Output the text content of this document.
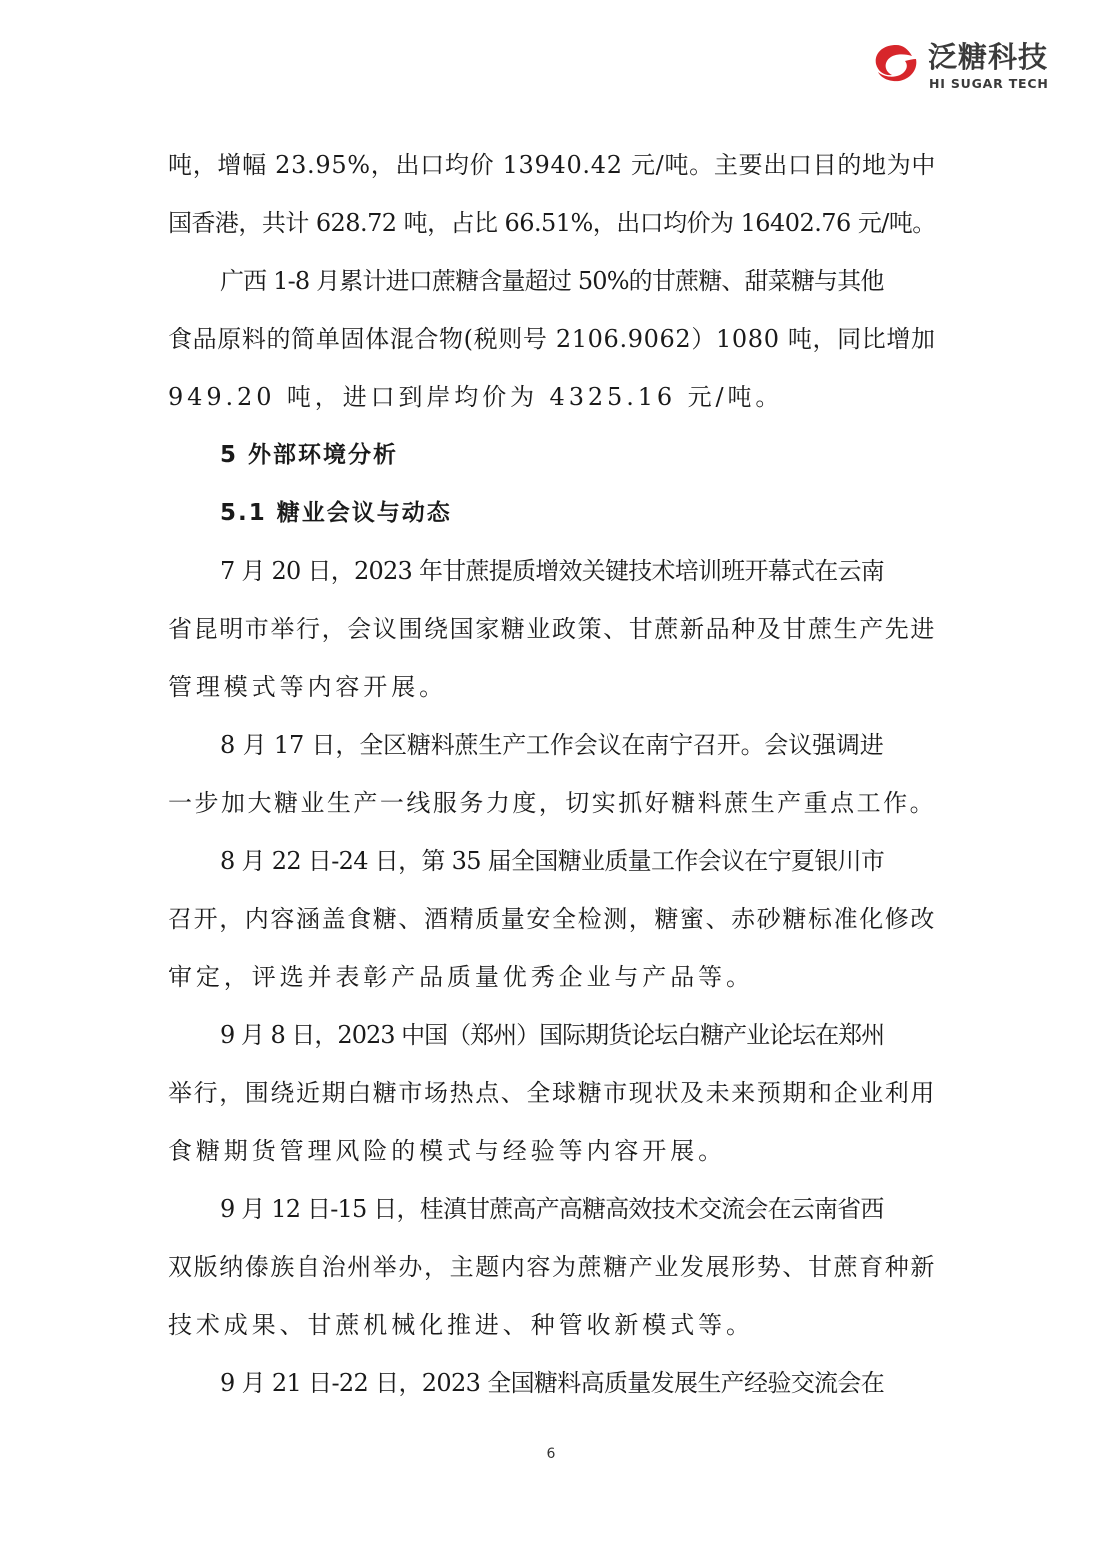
泛糖科技
HI SUGAR TECH

吨，增幅 23.95%，出口均价 13940.42 元/吨。主要出口目的地为中
国香港，共计 628.72 吨，占比 66.51%，出口均价为 16402.76 元/吨。

广西 1-8 月累计进口蔗糖含量超过 50%的甘蔗糖、甜菜糖与其他
食品原料的简单固体混合物(税则号 2106.9062）1080 吨，同比增加
949.20 吨，进口到岸均价为 4325.16 元/吨。

5 外部环境分析

5.1 糖业会议与动态

7 月 20 日，2023 年甘蔗提质增效关键技术培训班开幕式在云南
省昆明市举行，会议围绕国家糖业政策、甘蔗新品种及甘蔗生产先进
管理模式等内容开展。

8 月 17 日，全区糖料蔗生产工作会议在南宁召开。会议强调进
一步加大糖业生产一线服务力度，切实抓好糖料蔗生产重点工作。

8 月 22 日-24 日，第 35 届全国糖业质量工作会议在宁夏银川市
召开，内容涵盖食糖、酒精质量安全检测，糖蜜、赤砂糖标准化修改
审定，评选并表彰产品质量优秀企业与产品等。

9 月 8 日，2023 中国（郑州）国际期货论坛白糖产业论坛在郑州
举行，围绕近期白糖市场热点、全球糖市现状及未来预期和企业利用
食糖期货管理风险的模式与经验等内容开展。

9 月 12 日-15 日，桂滇甘蔗高产高糖高效技术交流会在云南省西
双版纳傣族自治州举办，主题内容为蔗糖产业发展形势、甘蔗育种新
技术成果、甘蔗机械化推进、种管收新模式等。

9 月 21 日-22 日，2023 全国糖料高质量发展生产经验交流会在

6
